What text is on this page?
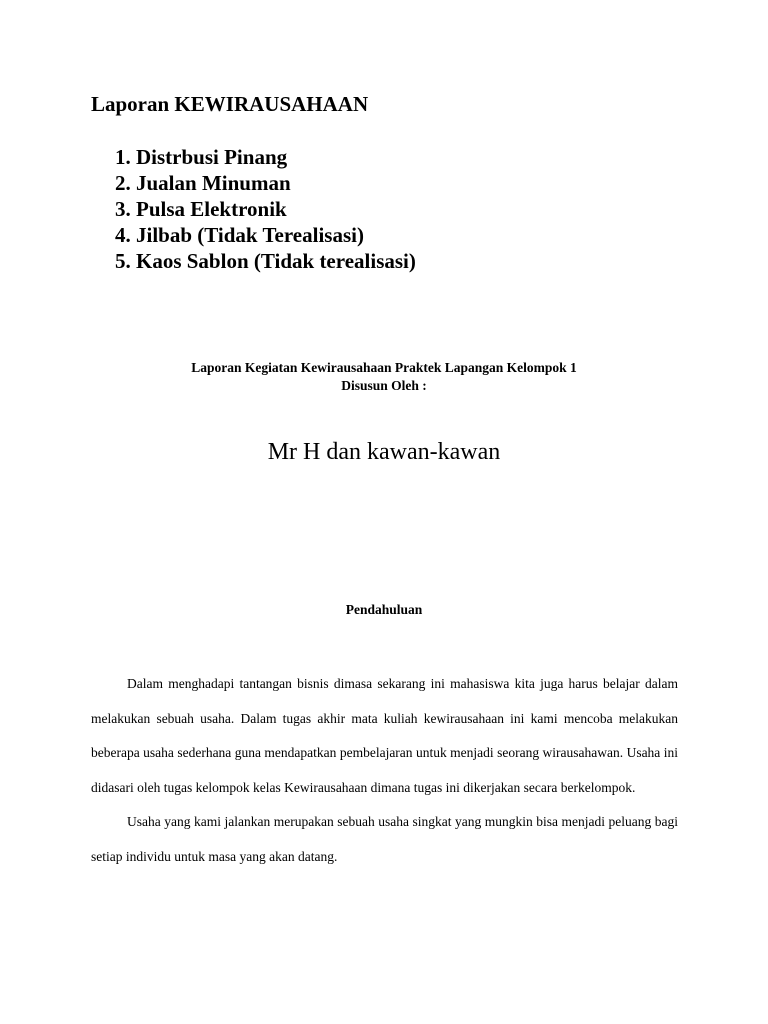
Laporan KEWIRAUSAHAAN
1. Distrbusi Pinang
2. Jualan Minuman
3. Pulsa Elektronik
4. Jilbab (Tidak Terealisasi)
5. Kaos Sablon (Tidak terealisasi)
Laporan Kegiatan Kewirausahaan Praktek Lapangan Kelompok 1
Disusun Oleh :
Mr H dan kawan-kawan
Pendahuluan

Dalam menghadapi tantangan bisnis dimasa sekarang ini mahasiswa kita juga harus belajar dalam melakukan sebuah usaha. Dalam tugas akhir mata kuliah kewirausahaan ini kami mencoba melakukan beberapa usaha sederhana guna mendapatkan pembelajaran untuk menjadi seorang wirausahawan. Usaha ini didasari oleh tugas kelompok kelas Kewirausahaan dimana tugas ini dikerjakan secara berkelompok.

Usaha yang kami jalankan merupakan sebuah usaha singkat yang mungkin bisa menjadi peluang bagi setiap individu untuk masa yang akan datang.
